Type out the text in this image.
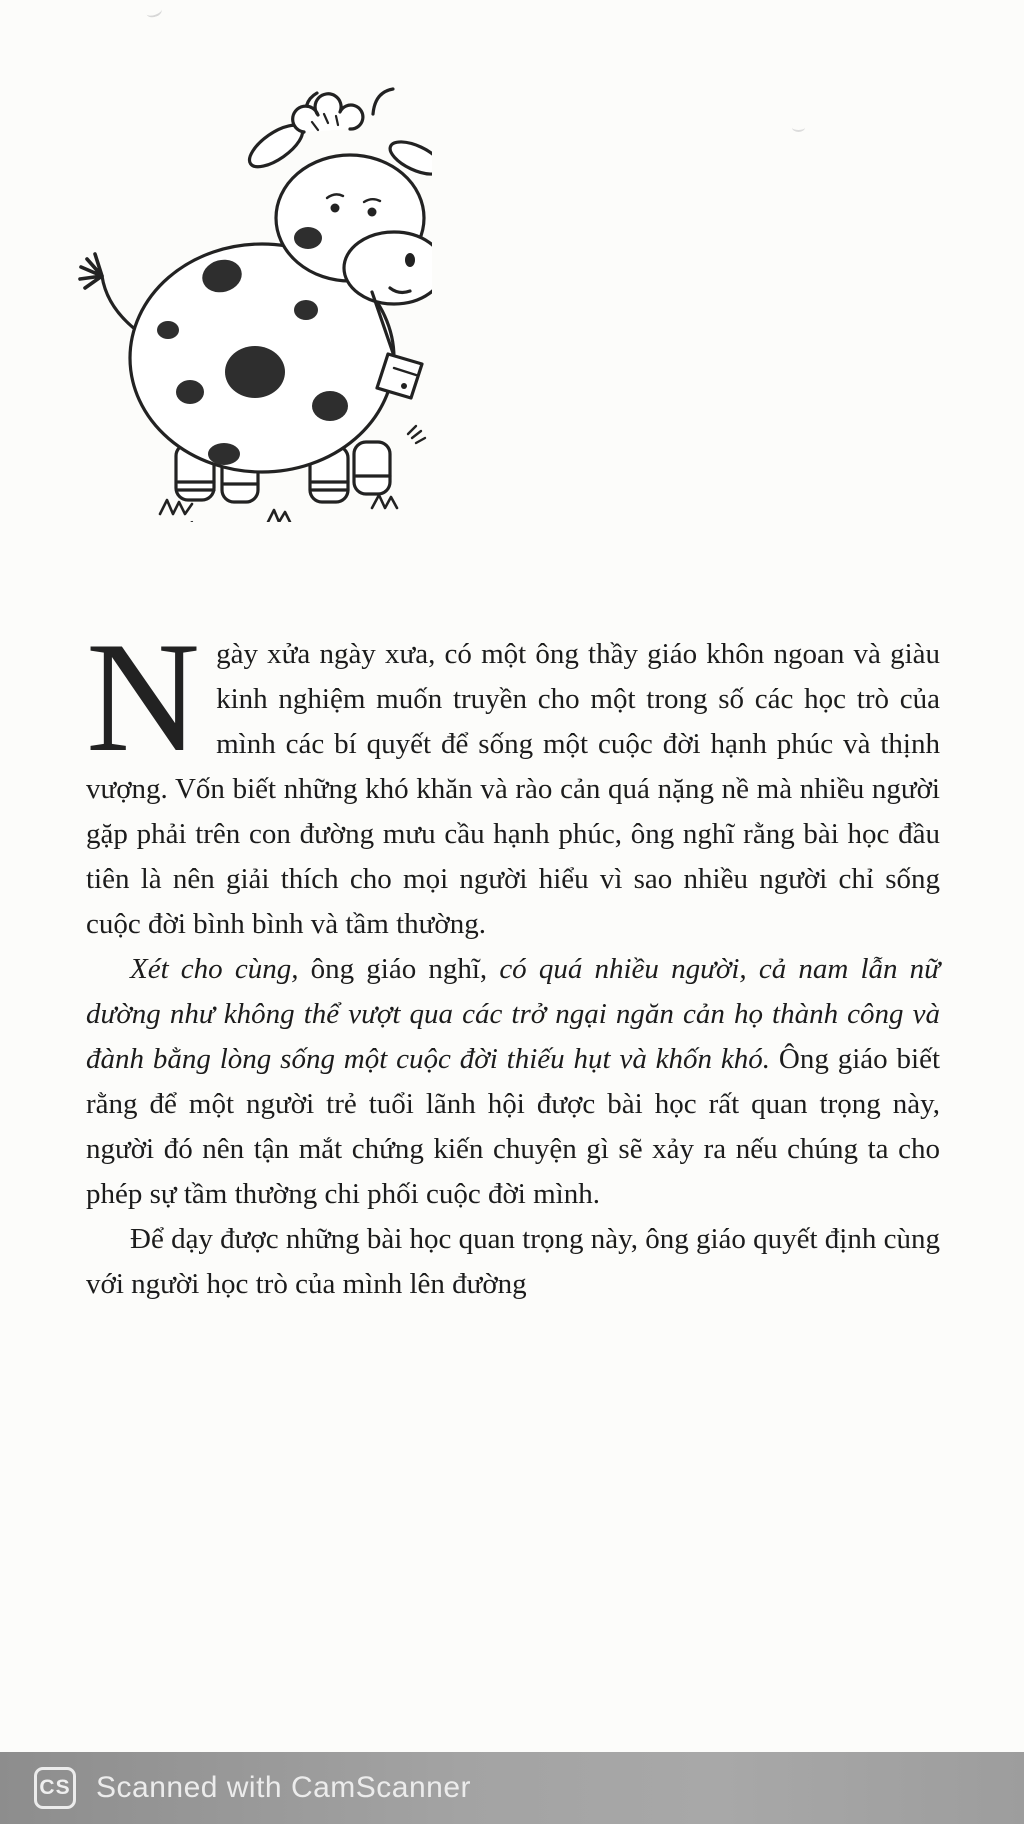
Ngày xửa ngày xưa, có một ông thầy giáo khôn ngoan và giàu kinh nghiệm muốn truyền cho một trong số các học trò của mình các bí quyết để sống một cuộc đời hạnh phúc và thịnh vượng. Vốn biết những khó khăn và rào cản quá nặng nề mà nhiều người gặp phải trên con đường mưu cầu hạnh phúc, ông nghĩ rằng bài học đầu tiên là nên giải thích cho mọi người hiểu vì sao nhiều người chỉ sống cuộc đời bình bình và tầm thường.

Xét cho cùng, ông giáo nghĩ, có quá nhiều người, cả nam lẫn nữ dường như không thể vượt qua các trở ngại ngăn cản họ thành công và đành bằng lòng sống một cuộc đời thiếu hụt và khốn khó. Ông giáo biết rằng để một người trẻ tuổi lãnh hội được bài học rất quan trọng này, người đó nên tận mắt chứng kiến chuyện gì sẽ xảy ra nếu chúng ta cho phép sự tầm thường chi phối cuộc đời mình.

Để dạy được những bài học quan trọng này, ông giáo quyết định cùng với người học trò của mình lên đường

CS Scanned with CamScanner
